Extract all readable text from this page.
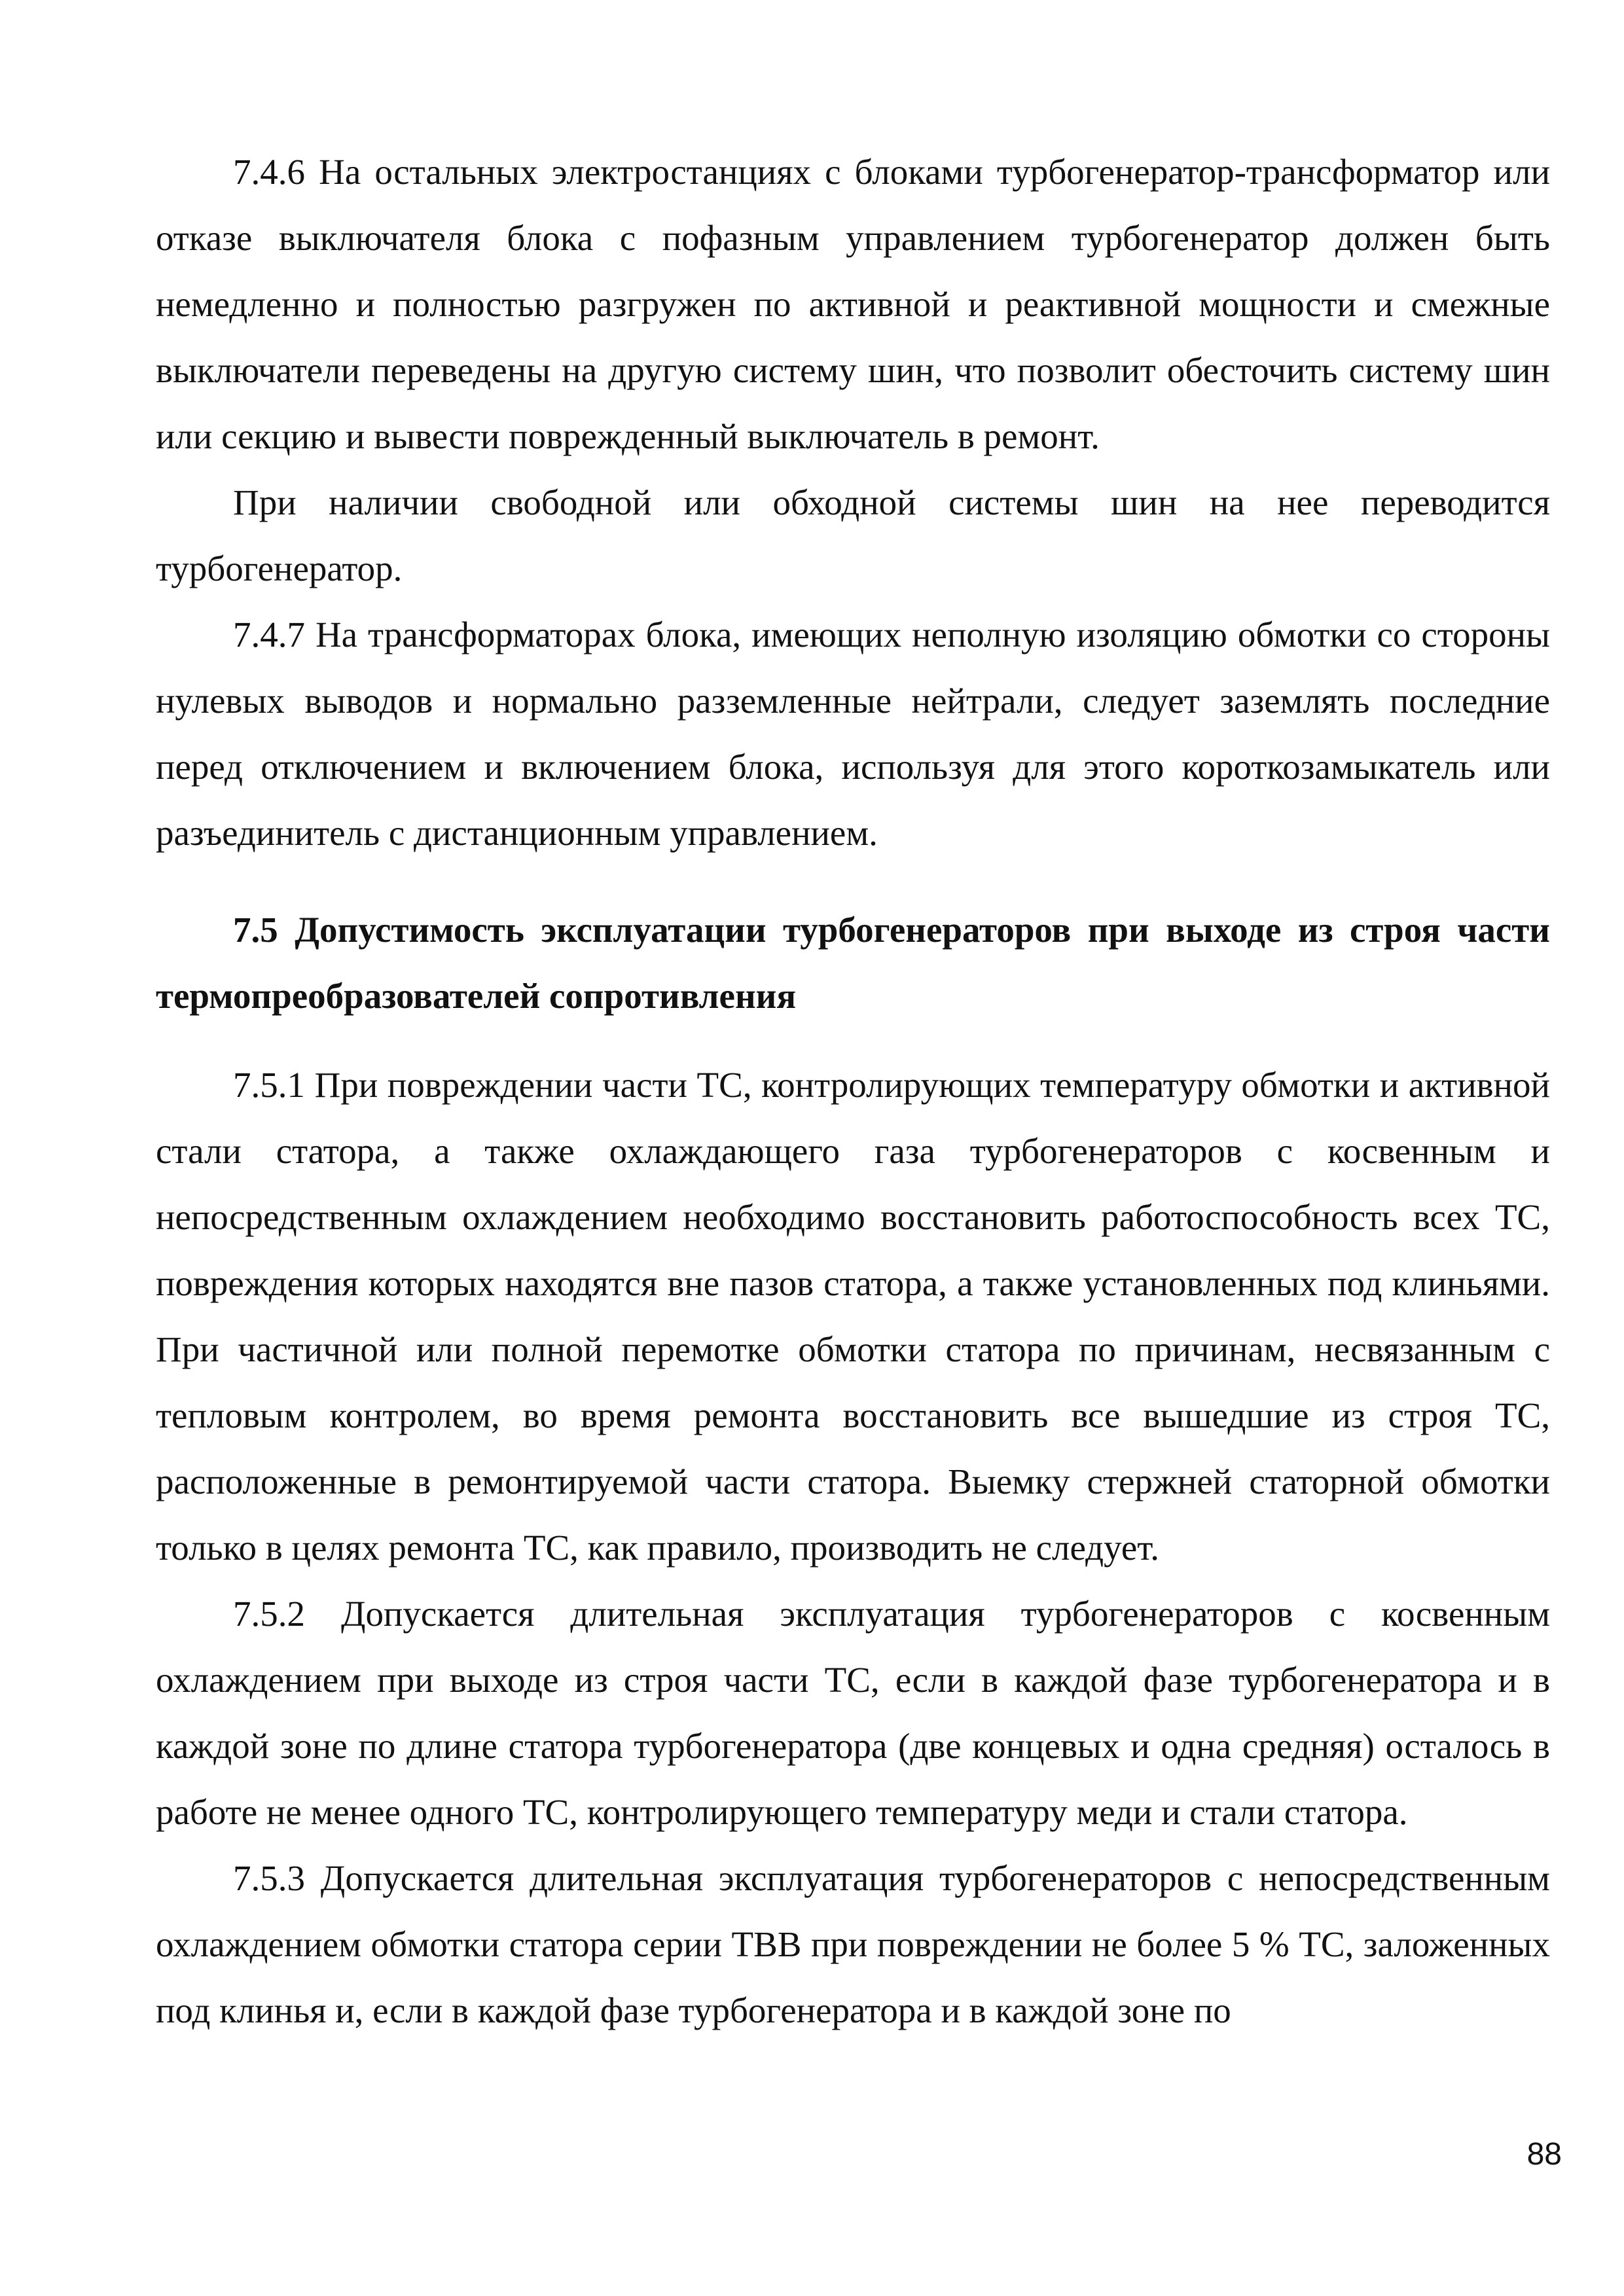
7.4.6 На остальных электростанциях с блоками турбогенератор-трансформатор или отказе выключателя блока с пофазным управлением турбогенератор должен быть немедленно и полностью разгружен по активной и реактивной мощности и смежные выключатели переведены на другую систему шин, что позволит обесточить систему шин или секцию и вывести поврежденный выключатель в ремонт.

При наличии свободной или обходной системы шин на нее переводится турбогенератор.

7.4.7 На трансформаторах блока, имеющих неполную изоляцию обмотки со стороны нулевых выводов и нормально разземленные нейтрали, следует заземлять последние перед отключением и включением блока, используя для этого короткозамыкатель или разъединитель с дистанционным управлением.

7.5 Допустимость эксплуатации турбогенераторов при выходе из строя части термопреобразователей сопротивления

7.5.1 При повреждении части ТС, контролирующих температуру обмотки и активной стали статора, а также охлаждающего газа турбогенераторов с косвенным и непосредственным охлаждением необходимо восстановить работоспособность всех ТС, повреждения которых находятся вне пазов статора, а также установленных под клиньями. При частичной или полной перемотке обмотки статора по причинам, несвязанным с тепловым контролем, во время ремонта восстановить все вышедшие из строя ТС, расположенные в ремонтируемой части статора. Выемку стержней статорной обмотки только в целях ремонта ТС, как правило, производить не следует.

7.5.2 Допускается длительная эксплуатация турбогенераторов с косвенным охлаждением при выходе из строя части ТС, если в каждой фазе турбогенератора и в каждой зоне по длине статора турбогенератора (две концевых и одна средняя) осталось в работе не менее одного ТС, контролирующего температуру меди и стали статора.

7.5.3 Допускается длительная эксплуатация турбогенераторов с непосредственным охлаждением обмотки статора серии ТВВ при повреждении не более 5 % ТС, заложенных под клинья и, если в каждой фазе турбогенератора и в каждой зоне по

88
